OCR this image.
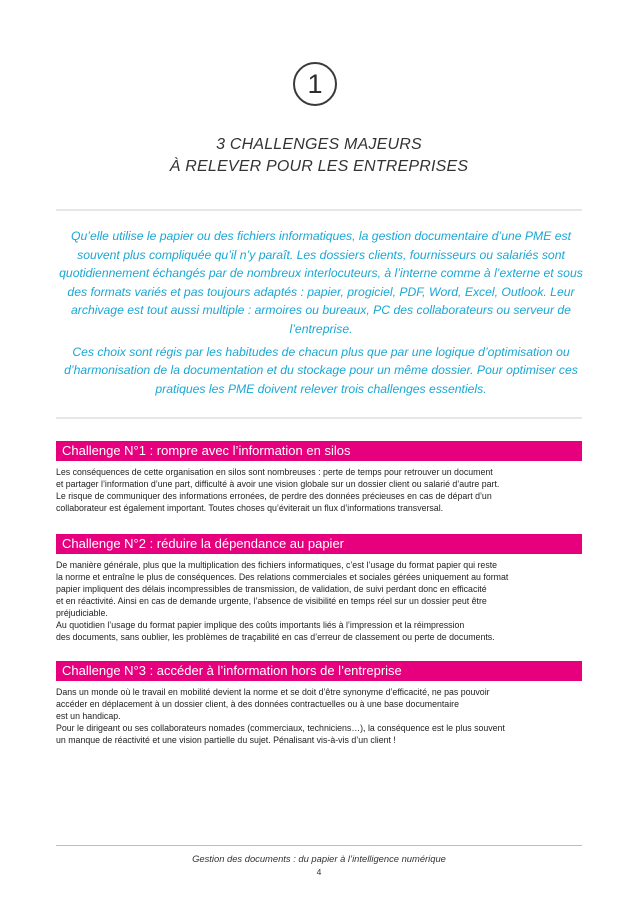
1
3 CHALLENGES MAJEURS
À RELEVER POUR LES ENTREPRISES

Qu’elle utilise le papier ou des fichiers informatiques, la gestion documentaire d’une PME est souvent plus compliquée qu’il n’y paraît. Les dossiers clients, fournisseurs ou salariés sont quotidiennement échangés par de nombreux interlocuteurs, à l’interne comme à l’externe et sous des formats variés et pas toujours adaptés : papier, progiciel, PDF, Word, Excel, Outlook. Leur archivage est tout aussi multiple : armoires ou bureaux, PC des collaborateurs ou serveur de l’entreprise.

Ces choix sont régis par les habitudes de chacun plus que par une logique d’optimisation ou d’harmonisation de la documentation et du stockage pour un même dossier. Pour optimiser ces pratiques les PME doivent relever trois challenges essentiels.

Challenge N°1 : rompre avec l’information en silos
Les conséquences de cette organisation en silos sont nombreuses : perte de temps pour retrouver un document
et partager l’information d’une part, difficulté à avoir une vision globale sur un dossier client ou salarié d’autre part.
Le risque de communiquer des informations erronées, de perdre des données précieuses en cas de départ d’un
collaborateur est également important. Toutes choses qu’éviterait un flux d’informations transversal.
Challenge N°2 : réduire la dépendance au papier
De manière générale, plus que la multiplication des fichiers informatiques, c’est l’usage du format papier qui reste
la norme et entraîne le plus de conséquences. Des relations commerciales et sociales gérées uniquement au format
papier impliquent des délais incompressibles de transmission, de validation, de suivi perdant donc en efficacité
et en réactivité. Ainsi en cas de demande urgente, l’absence de visibilité en temps réel sur un dossier peut être
préjudiciable.
Au quotidien l’usage du format papier implique des coûts importants liés à l’impression et la réimpression
des documents, sans oublier, les problèmes de traçabilité en cas d’erreur de classement ou perte de documents.
Challenge N°3 : accéder à l’information hors de l’entreprise
Dans un monde où le travail en mobilité devient la norme et se doit d’être synonyme d’efficacité, ne pas pouvoir
accéder en déplacement à un dossier client, à des données contractuelles ou à une base documentaire
est un handicap.
Pour le dirigeant ou ses collaborateurs nomades (commerciaux, techniciens…), la conséquence est le plus souvent
un manque de réactivité et une vision partielle du sujet. Pénalisant vis-à-vis d’un client !
Gestion des documents : du papier à l’intelligence numérique
4
